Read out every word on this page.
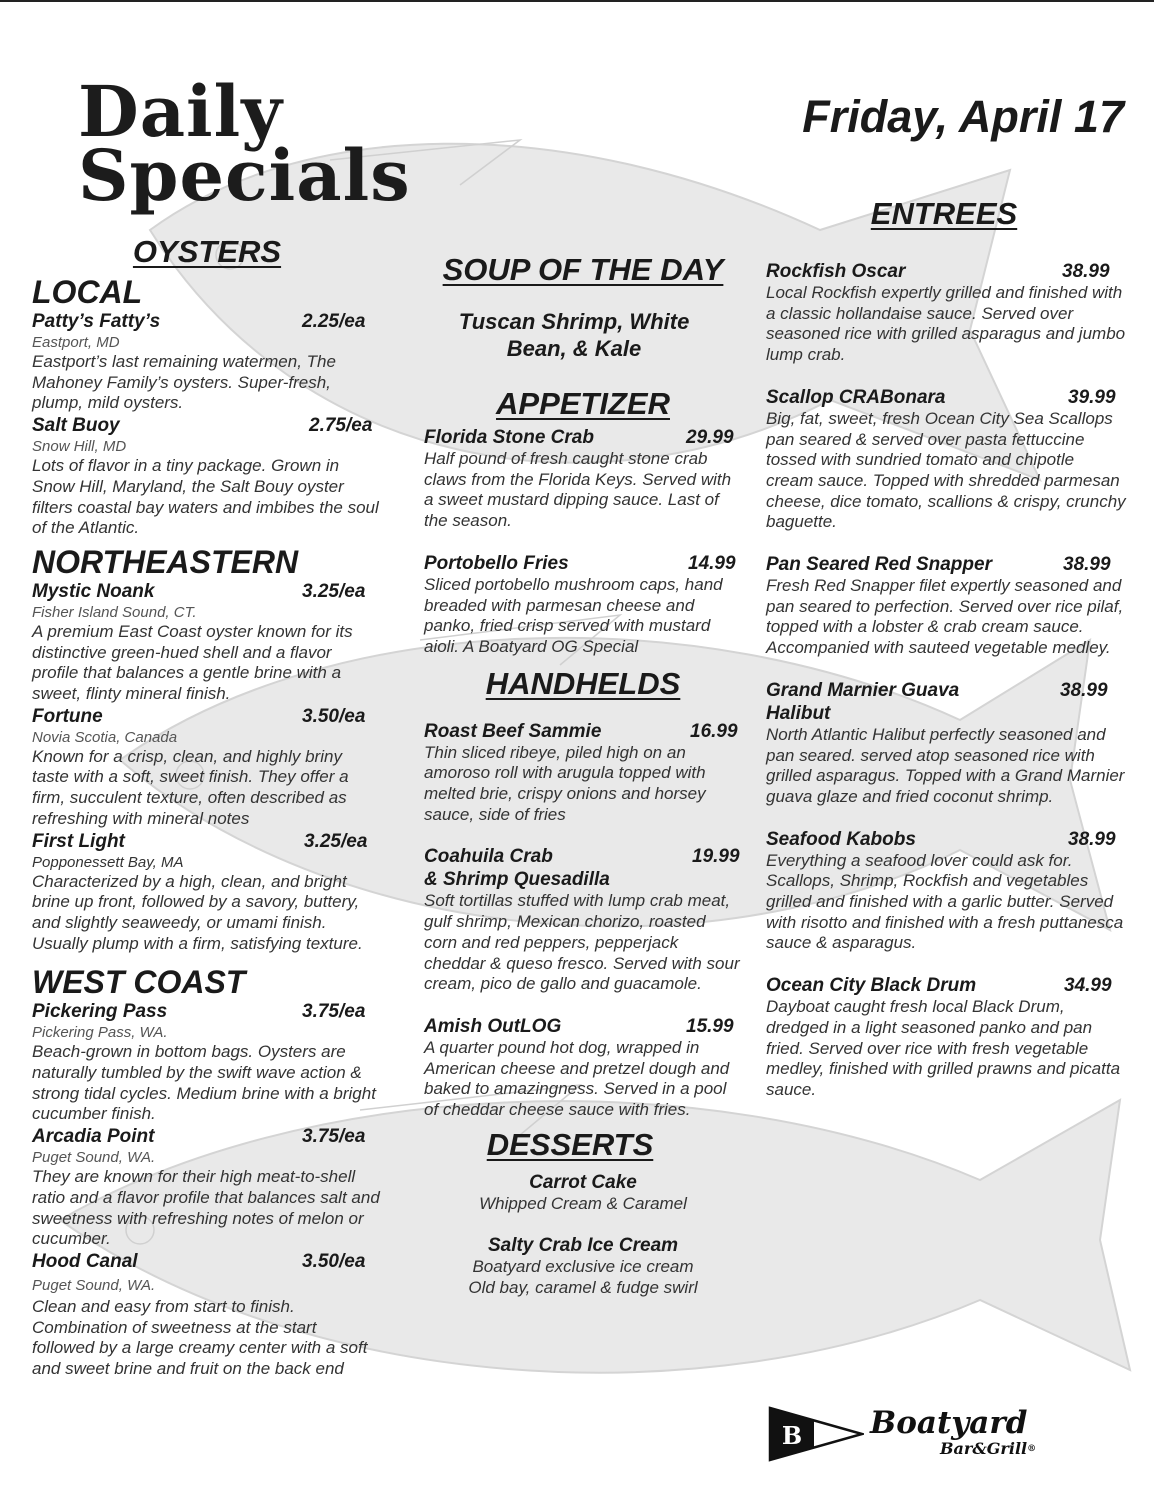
Daily
Specials
Friday, April 17
OYSTERS
LOCAL
Patty’s Fatty’s	2.25/ea
Eastport, MD
Eastport’s last remaining watermen, The Mahoney Family’s oysters. Super-fresh, plump, mild oysters.
Salt Buoy	2.75/ea
Snow Hill, MD
Lots of flavor in a tiny package. Grown in Snow Hill, Maryland, the Salt Bouy oyster filters coastal bay waters and imbibes the soul of the Atlantic.
NORTHEASTERN
Mystic Noank	3.25/ea
Fisher Island Sound, CT.
A premium East Coast oyster known for its distinctive green-hued shell and a flavor profile that balances a gentle brine with a sweet, flinty mineral finish.
Fortune	3.50/ea
Novia Scotia, Canada
Known for a crisp, clean, and highly briny taste with a soft, sweet finish. They offer a firm, succulent texture, often described as refreshing with mineral notes
First Light	3.25/ea
Popponessett Bay, MA
Characterized by a high, clean, and bright brine up front, followed by a savory, buttery, and slightly seaweedy, or umami finish. Usually plump with a firm, satisfying texture.
WEST COAST
Pickering Pass	3.75/ea
Pickering Pass, WA.
Beach-grown in bottom bags. Oysters are naturally tumbled by the swift wave action & strong tidal cycles. Medium brine with a bright cucumber finish.
Arcadia Point	3.75/ea
Puget Sound, WA.
They are known for their high meat-to-shell ratio and a flavor profile that balances salt and sweetness with refreshing notes of melon or cucumber.
Hood Canal	3.50/ea
Puget Sound, WA.
Clean and easy from start to finish. Combination of sweetness at the start followed by a large creamy center with a soft and sweet brine and fruit on the back end
SOUP OF THE DAY
Tuscan Shrimp, White
Bean, & Kale
APPETIZER
Florida Stone Crab	29.99
Half pound of fresh caught stone crab claws from the Florida Keys. Served with a sweet mustard dipping sauce. Last of the season.
Portobello Fries	14.99
Sliced portobello mushroom caps, hand breaded with parmesan cheese and panko, fried crisp served with mustard aioli. A Boatyard OG Special
HANDHELDS
Roast Beef Sammie	16.99
Thin sliced ribeye, piled high on an amoroso roll with arugula topped with melted brie, crispy onions and horsey sauce, side of fries
Coahuila Crab
& Shrimp Quesadilla
19.99
Soft tortillas stuffed with lump crab meat, gulf shrimp, Mexican chorizo, roasted corn and red peppers, pepperjack cheddar & queso fresco. Served with sour cream, pico de gallo and guacamole.
Amish OutLOG	15.99
A quarter pound hot dog, wrapped in American cheese and pretzel dough and baked to amazingness. Served in a pool of cheddar cheese sauce with fries.
DESSERTS
Carrot Cake
Whipped Cream & Caramel
Salty Crab Ice Cream
Boatyard exclusive ice cream
Old bay, caramel & fudge swirl
ENTREES
Rockfish Oscar	38.99
Local Rockfish expertly grilled and finished with a classic hollandaise sauce. Served over seasoned rice with grilled asparagus and jumbo lump crab.
Scallop CRABonara	39.99
Big, fat, sweet, fresh Ocean City Sea Scallops pan seared & served over pasta fettuccine tossed with sundried tomato and chipotle cream sauce. Topped with shredded parmesan cheese, dice tomato, scallions & crispy, crunchy baguette.
Pan Seared Red Snapper	38.99
Fresh Red Snapper filet expertly seasoned and pan seared to perfection. Served over rice pilaf, topped with a lobster & crab cream sauce. Accompanied with sauteed vegetable medley.
Grand Marnier Guava
Halibut
38.99
North Atlantic Halibut perfectly seasoned and pan seared. served atop seasoned rice with grilled asparagus. Topped with a Grand Marnier guava glaze and fried coconut shrimp.
Seafood Kabobs	38.99
Everything a seafood lover could ask for. Scallops, Shrimp, Rockfish and vegetables grilled and finished with a garlic butter. Served with risotto and finished with a fresh puttanesca sauce & asparagus.
Ocean City Black Drum	34.99
Dayboat caught fresh local Black Drum, dredged in a light seasoned panko and pan fried. Served over rice with fresh vegetable medley, finished with grilled prawns and picatta sauce.
B Boatyard
Bar&Grill®
